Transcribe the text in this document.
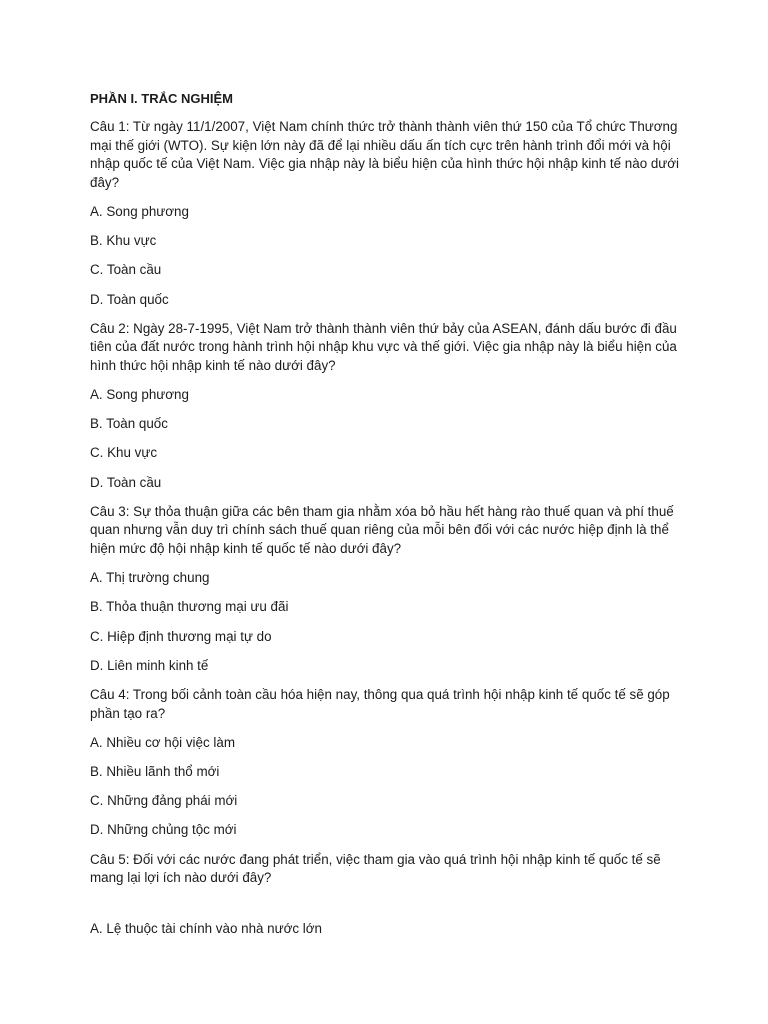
PHẦN I. TRẮC NGHIỆM
Câu 1: Từ ngày 11/1/2007, Việt Nam chính thức trở thành thành viên thứ 150 của Tổ chức Thương mại thế giới (WTO). Sự kiện lớn này đã để lại nhiều dấu ấn tích cực trên hành trình đổi mới và hội nhập quốc tế của Việt Nam. Việc gia nhập này là biểu hiện của hình thức hội nhập kinh tế nào dưới đây?
A. Song phương
B. Khu vực
C. Toàn cầu
D. Toàn quốc
Câu 2: Ngày 28-7-1995, Việt Nam trở thành thành viên thứ bảy của ASEAN, đánh dấu bước đi đầu tiên của đất nước trong hành trình hội nhập khu vực và thế giới. Việc gia nhập này là biểu hiện của hình thức hội nhập kinh tế nào dưới đây?
A. Song phương
B. Toàn quốc
C. Khu vực
D. Toàn cầu
Câu 3: Sự thỏa thuận giữa các bên tham gia nhằm xóa bỏ hầu hết hàng rào thuế quan và phí thuế quan nhưng vẫn duy trì chính sách thuế quan riêng của mỗi bên đối với các nước hiệp định là thể hiện mức độ hội nhập kinh tế quốc tế nào dưới đây?
A. Thị trường chung
B. Thỏa thuận thương mại ưu đãi
C. Hiệp định thương mại tự do
D. Liên minh kinh tế
Câu 4: Trong bối cảnh toàn cầu hóa hiện nay, thông qua quá trình hội nhập kinh tế quốc tế sẽ góp phần tạo ra?
A. Nhiều cơ hội việc làm
B. Nhiều lãnh thổ mới
C. Những đảng phái mới
D. Những chủng tộc mới
Câu 5: Đối với các nước đang phát triển, việc tham gia vào quá trình hội nhập kinh tế quốc tế sẽ mang lại lợi ích nào dưới đây?
A. Lệ thuộc tài chính vào nhà nước lớn
